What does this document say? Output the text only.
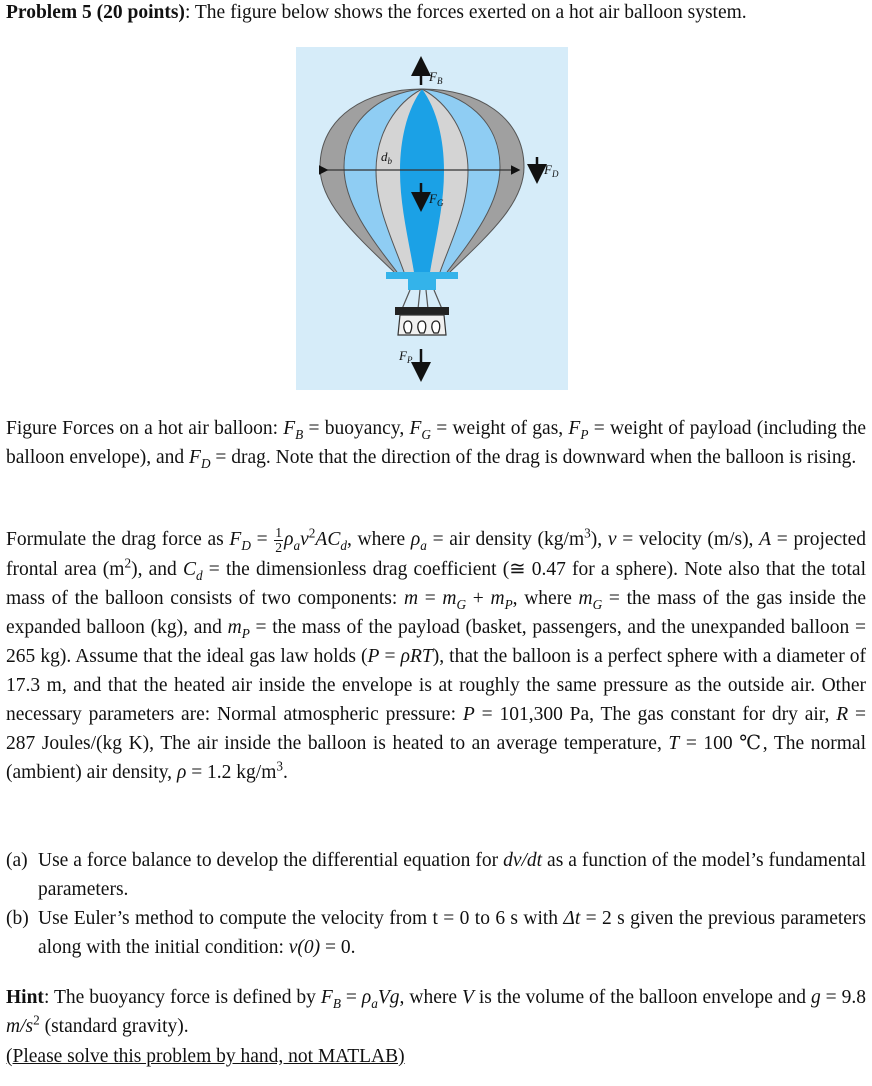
Problem 5 (20 points): The figure below shows the forces exerted on a hot air balloon system.
$F_B$
$d_b$
$F_G$
$F_D$
$F_P$

Figure Forces on a hot air balloon: $F_B$ = buoyancy, $F_G$ = weight of gas, $F_P$ = weight of payload (including the balloon envelope), and $F_D$ = drag. Note that the direction of the drag is downward when the balloon is rising.

Formulate the drag force as $F_D = \frac{1}{2} \rho_av^2AC_d$, where $\rho_a$ = air density $(kg/m^3)$, v = velocity (m/s), A = projected frontal area $(m^2)$, and $C_d$ = the dimensionless drag coefficient (≅ 0.47 for a sphere). Note also that the total mass of the balloon consists of two components: $m = m_G + m_P$, where $m_G$ = the mass of the gas inside the expanded balloon (kg), and $m_P$ = the mass of the payload (basket, passengers, and the unexpanded balloon = 265 kg). Assume that the ideal gas law holds (P = ρRT), that the balloon is a perfect sphere with a diameter of 17.3 m, and that the heated air inside the envelope is at roughly the same pressure as the outside air. Other necessary parameters are: Normal atmospheric pressure: P = 101,300 Pa, The gas constant for dry air, R = 287 Joules/(kg K), The air inside the balloon is heated to an average temperature, T = 100 ℃, The normal (ambient) air density, ρ = 1.2 $kg/m^3$.

(a) Use a force balance to develop the differential equation for dv/dt as a function of the model’s fundamental parameters.
(b) Use Euler’s method to compute the velocity from t = 0 to 6 s with Δt = 2 s given the previous parameters along with the initial condition: v(0) = 0.

Hint: The buoyancy force is defined by $F_B = \rho_aVg$, where V is the volume of the balloon envelope and g = 9.8 $m/s^2$ (standard gravity).

(Please solve this problem by hand, not MATLAB)
